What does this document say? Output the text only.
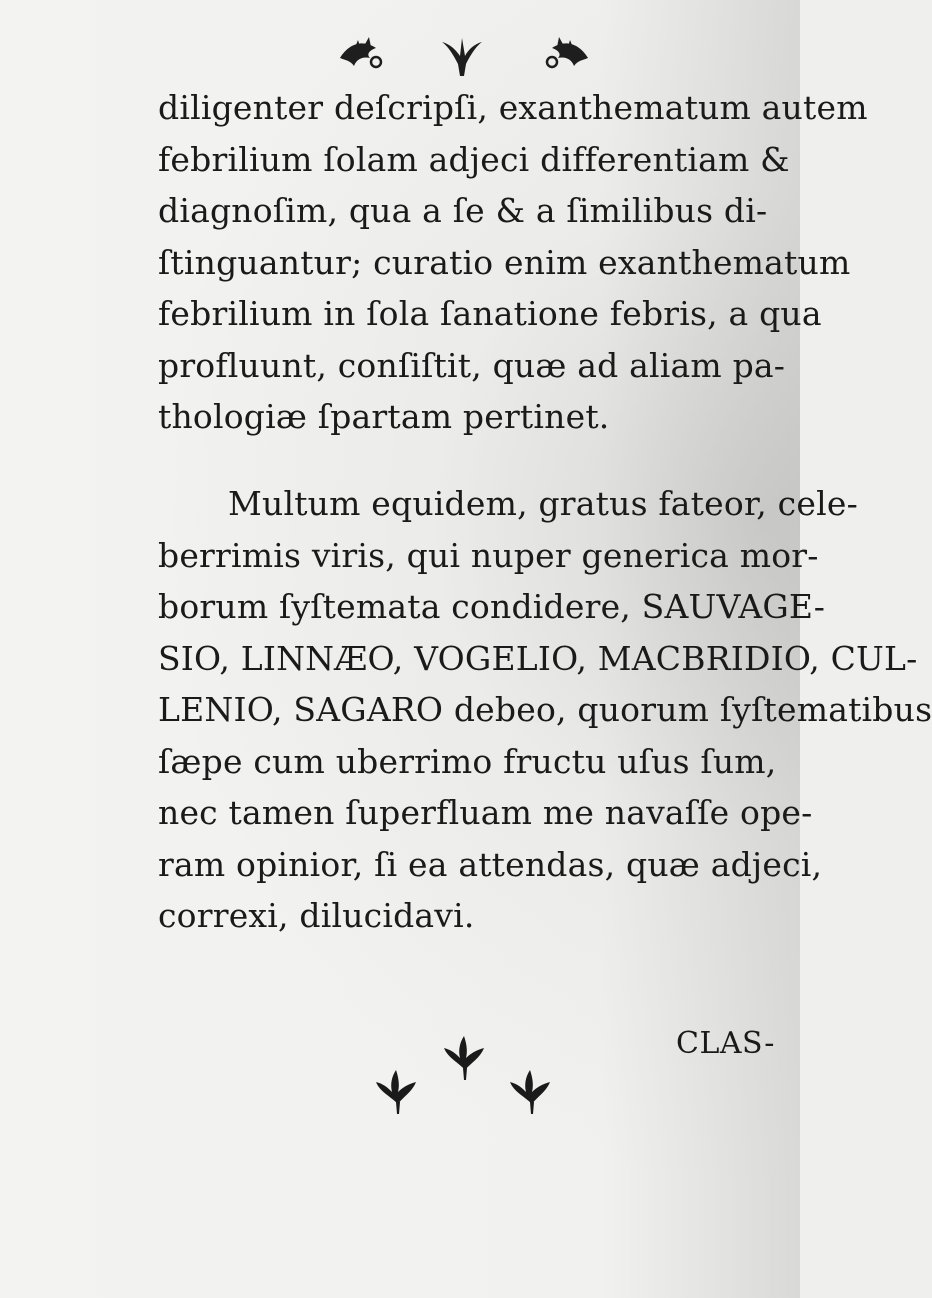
diligenter deſcripſi, exanthematum autem
febrilium ſolam adjeci differentiam &
diagnoſim, qua a ſe & a ſimilibus di-
ſtinguantur; curatio enim exanthematum
febrilium in ſola ſanatione febris, a qua
profluunt, conſiſtit, quæ ad aliam pa-
thologiæ ſpartam pertinet.
Multum equidem, gratus fateor, cele-
berrimis viris, qui nuper generica mor-
borum ſyſtemata condidere, SAUVAGE-
SIO, LINNÆO, VOGELIO, MACBRIDIO, CUL-
LENIO, SAGARO debeo, quorum ſyſtematibus
ſæpe cum uberrimo fructu uſus ſum,
nec tamen ſuperfluam me navaſſe ope-
ram opinior, ſi ea attendas, quæ adjeci,
correxi, dilucidavi.
CLAS-
